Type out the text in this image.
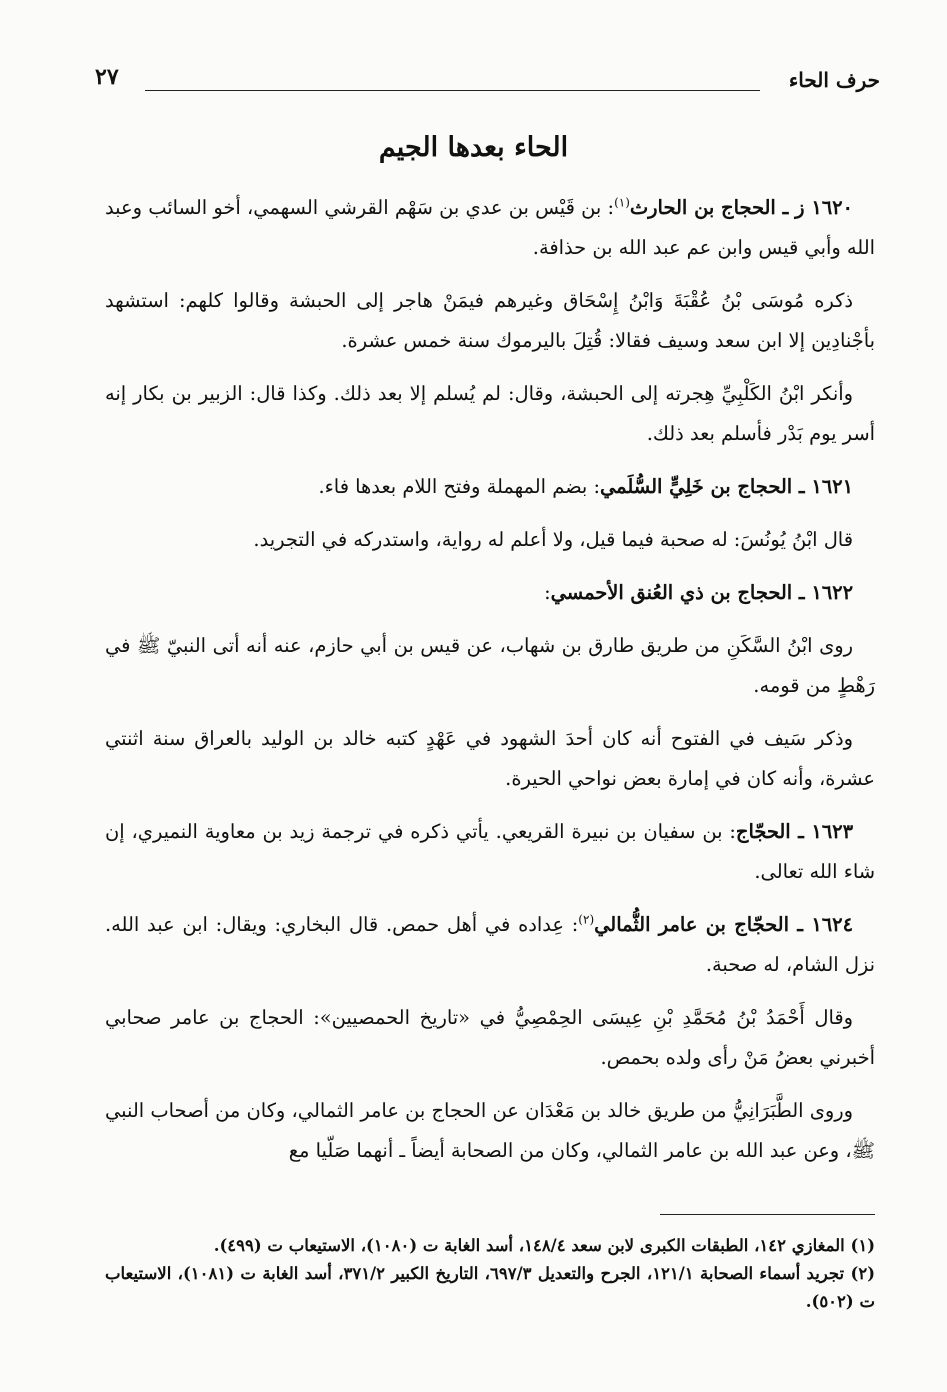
حرف الحاء
٢٧
الحاء بعدها الجيم

١٦٢٠ ز ـ الحجاج بن الحارث$^{(١)}$: بن قَيْس بن عدي بن سَهْم القرشي السهمي، أخو السائب وعبد الله وأبي قيس وابن عم عبد الله بن حذافة.

ذكره مُوسَى بْنُ عُقْبَةَ وَابْنُ إِسْحَاق وغيرهم فيمَنْ هاجر إلى الحبشة وقالوا كلهم: استشهد بأجْنادِين إلا ابن سعد وسيف فقالا: قُتِلَ باليرموك سنة خمس عشرة.

وأنكر ابْنُ الكَلْبِيِّ هِجرته إلى الحبشة، وقال: لم يُسلم إلا بعد ذلك. وكذا قال: الزبير بن بكار إنه أسر يوم بَدْر فأسلم بعد ذلك.

١٦٢١ ـ الحجاج بن خَلِيٍّ السُّلَمي: بضم المهملة وفتح اللام بعدها فاء.

قال ابْنُ يُونُسَ: له صحبة فيما قيل، ولا أعلم له رواية، واستدركه في التجريد.

١٦٢٢ ـ الحجاج بن ذي العُنق الأحمسي:

روى ابْنُ السَّكَنِ من طريق طارق بن شهاب، عن قيس بن أبي حازم، عنه أنه أتى النبيّ ﷺ في رَهْطٍ من قومه.

وذكر سَيف في الفتوح أنه كان أحدَ الشهود في عَهْدٍ كتبه خالد بن الوليد بالعراق سنة اثنتي عشرة، وأنه كان في إمارة بعض نواحي الحيرة.

١٦٢٣ ـ الحجّاج: بن سفيان بن نبيرة القريعي. يأتي ذكره في ترجمة زيد بن معاوية النميري، إن شاء الله تعالى.

١٦٢٤ ـ الحجّاج بن عامر الثُّمالي$^{(٢)}$: عِداده في أهل حمص. قال البخاري: ويقال: ابن عبد الله. نزل الشام، له صحبة.

وقال أَحْمَدُ بْنُ مُحَمَّدِ بْنِ عِيسَى الحِمْصِيُّ في «تاريخ الحمصيين»: الحجاج بن عامر صحابي أخبرني بعضُ مَنْ رأى ولده بحمص.

وروى الطَّبَرَانِيُّ من طريق خالد بن مَعْدَان عن الحجاج بن عامر الثمالي، وكان من أصحاب النبي ﷺ، وعن عبد الله بن عامر الثمالي، وكان من الصحابة أيضاً ـ أنهما صَلّيا مع

(١) المغازي ١٤٢، الطبقات الكبرى لابن سعد ١٤٨/٤، أسد الغابة ت (١٠٨٠)، الاستيعاب ت (٤٩٩).

(٢) تجريد أسماء الصحابة ١٢١/١، الجرح والتعديل ٦٩٧/٣، التاريخ الكبير ٣٧١/٢، أسد الغابة ت (١٠٨١)، الاستيعاب ت (٥٠٢).
